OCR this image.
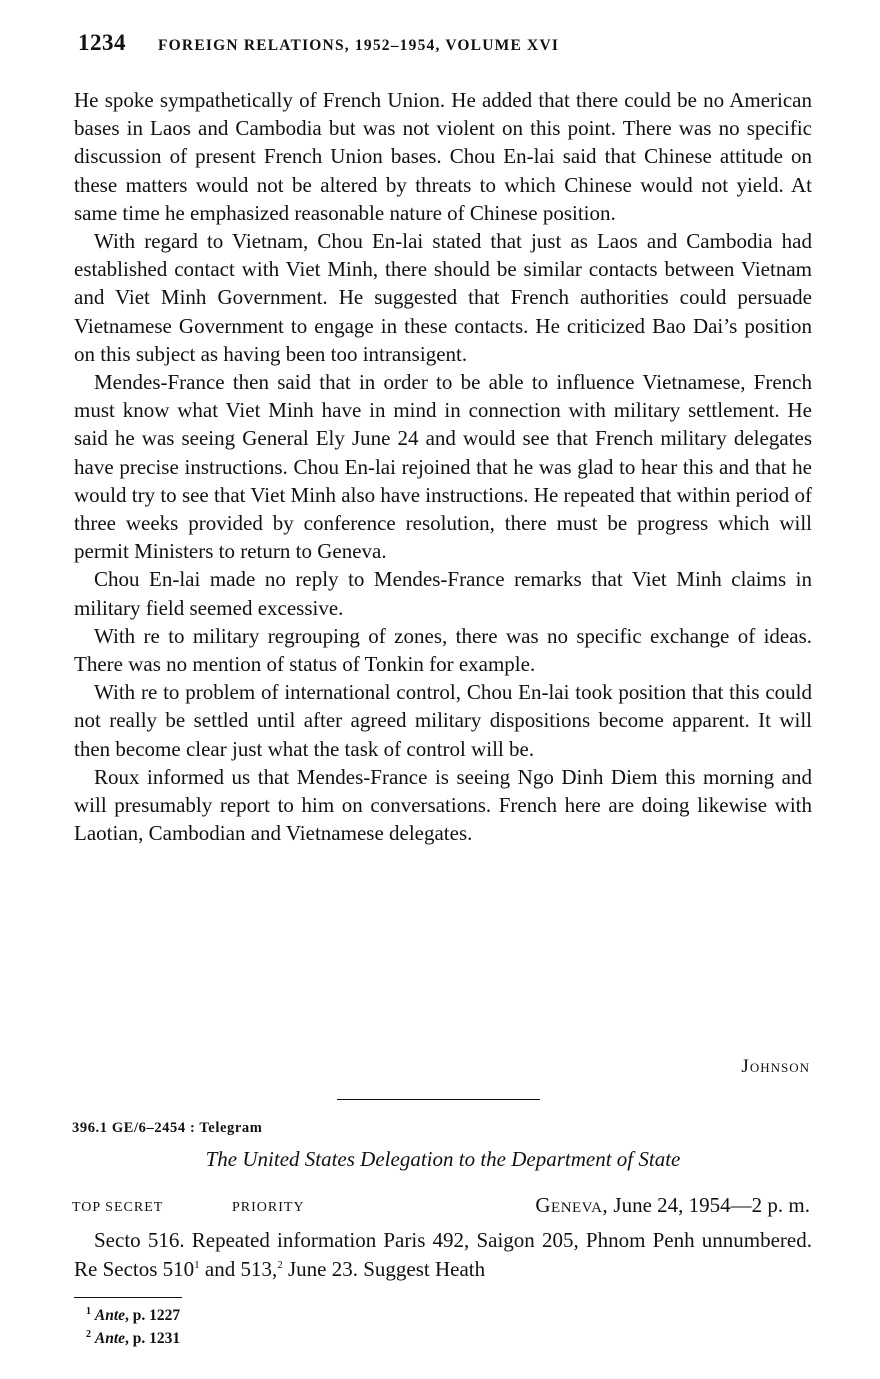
1234 FOREIGN RELATIONS, 1952–1954, VOLUME XVI

He spoke sympathetically of French Union. He added that there could be no American bases in Laos and Cambodia but was not violent on this point. There was no specific discussion of present French Union bases. Chou En-lai said that Chinese attitude on these matters would not be altered by threats to which Chinese would not yield. At same time he emphasized reasonable nature of Chinese position.

With regard to Vietnam, Chou En-lai stated that just as Laos and Cambodia had established contact with Viet Minh, there should be similar contacts between Vietnam and Viet Minh Government. He suggested that French authorities could persuade Vietnamese Government to engage in these contacts. He criticized Bao Dai’s position on this subject as having been too intransigent.

Mendes-France then said that in order to be able to influence Vietnamese, French must know what Viet Minh have in mind in connection with military settlement. He said he was seeing General Ely June 24 and would see that French military delegates have precise instructions. Chou En-lai rejoined that he was glad to hear this and that he would try to see that Viet Minh also have instructions. He repeated that within period of three weeks provided by conference resolution, there must be progress which will permit Ministers to return to Geneva.

Chou En-lai made no reply to Mendes-France remarks that Viet Minh claims in military field seemed excessive.

With re to military regrouping of zones, there was no specific exchange of ideas. There was no mention of status of Tonkin for example.

With re to problem of international control, Chou En-lai took position that this could not really be settled until after agreed military dispositions become apparent. It will then become clear just what the task of control will be.

Roux informed us that Mendes-France is seeing Ngo Dinh Diem this morning and will presumably report to him on conversations. French here are doing likewise with Laotian, Cambodian and Vietnamese delegates.

Johnson
396.1 GE/6–2454 : Telegram
The United States Delegation to the Department of State
TOP SECRET	PRIORITY	Geneva, June 24, 1954—2 p. m.
Secto 516. Repeated information Paris 492, Saigon 205, Phnom Penh unnumbered. Re Sectos $510^1$ and 513,$^2$ June 23. Suggest Heath
$^1$ Ante, p. 1227
$^2$ Ante, p. 1231
